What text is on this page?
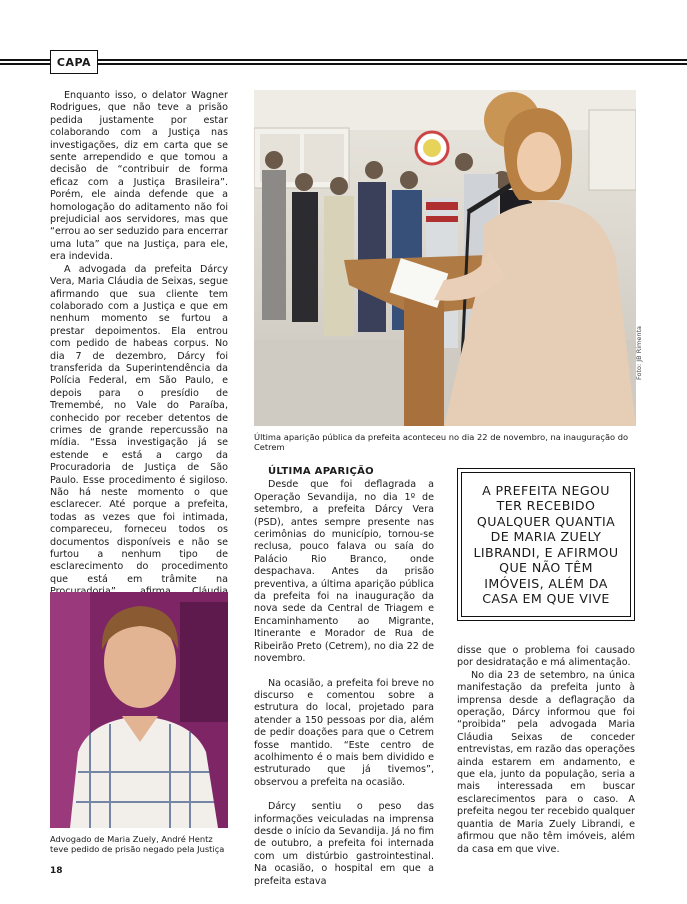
CAPA

Enquanto isso, o delator Wagner Rodrigues, que não teve a prisão pedida justamente por estar colaborando com a Justiça nas investigações, diz em carta que se sente arrependido e que tomou a decisão de “contribuir de forma eficaz com a Justiça Brasileira”. Porém, ele ainda defende que a homologação do aditamento não foi prejudicial aos servidores, mas que “errou ao ser seduzido para encerrar uma luta” que na Justiça, para ele, era indevida.

A advogada da prefeita Dárcy Vera, Maria Cláudia de Seixas, segue afirmando que sua cliente tem colaborado com a Justiça e que em nenhum momento se furtou a prestar depoimentos. Ela entrou com pedido de habeas corpus. No dia 7 de dezembro, Dárcy foi transferida da Superintendência da Polícia Federal, em São Paulo, e depois para o presídio de Tremembé, no Vale do Paraíba, conhecido por receber detentos de crimes de grande repercussão na mídia. “Essa investigação já se estende e está a cargo da Procuradoria de Justiça de São Paulo. Esse procedimento é sigiloso. Não há neste momento o que esclarecer. Até porque a prefeita, todas as vezes que foi intimada, compareceu, forneceu todos os documentos disponíveis e não se furtou a nenhum tipo de esclarecimento do procedimento que está em trâmite na

Foto: JB Rimenta
Última aparição pública da prefeita aconteceu no dia 22 de novembro, na inauguração do Cetrem
ÚLTIMA APARIÇÃO

Desde que foi deflagrada a Operação Sevandija, no dia 1º de setembro, a prefeita Dárcy Vera (PSD), antes sempre presente nas cerimônias do município, tornou-se reclusa, pouco falava ou saía do Palácio Rio Branco, onde despachava. Antes da prisão preventiva, a última aparição pública da prefeita foi na inauguração da nova sede da Central de Triagem e Encaminhamento ao Migrante, Itinerante e Morador de Rua de Ribeirão Preto (Cetrem), no dia 22 de novembro.

Na ocasião, a prefeita foi breve no discurso e comentou sobre a estrutura do local, projetado para atender a 150 pessoas por dia, além de pedir doações para que o Cetrem fosse mantido. “Este centro de acolhimento é o mais bem dividido e estruturado que já tivemos”, observou a prefeita na ocasião.

Dárcy sentiu o peso das informações veiculadas na imprensa desde o início da Sevandija. Já no fim de outubro, a prefeita foi internada com um distúrbio gastrointestinal. Na ocasião, o hospital em que a prefeita estava

A PREFEITA NEGOU TER RECEBIDO QUALQUER QUANTIA DE MARIA ZUELY LIBRANDI, E AFIRMOU QUE NÃO TÊM IMÓVEIS, ALÉM DA CASA EM QUE VIVE

disse que o problema foi causado por desidratação e má alimentação.

No dia 23 de setembro, na única manifestação da prefeita junto à imprensa desde a deflagração da operação, Dárcy informou que foi “proibida” pela advogada Maria Cláudia Seixas de conceder entrevistas, em razão das operações ainda estarem em andamento, e que ela, junto da população, seria a mais interessada em buscar esclarecimentos para o caso. A prefeita negou ter recebido qualquer quantia de Maria Zuely Librandi, e afirmou que não têm imóveis, além da casa em que vive.

Advogado de Maria Zuely, André Hentz
teve pedido de prisão negado pela Justiça
18
